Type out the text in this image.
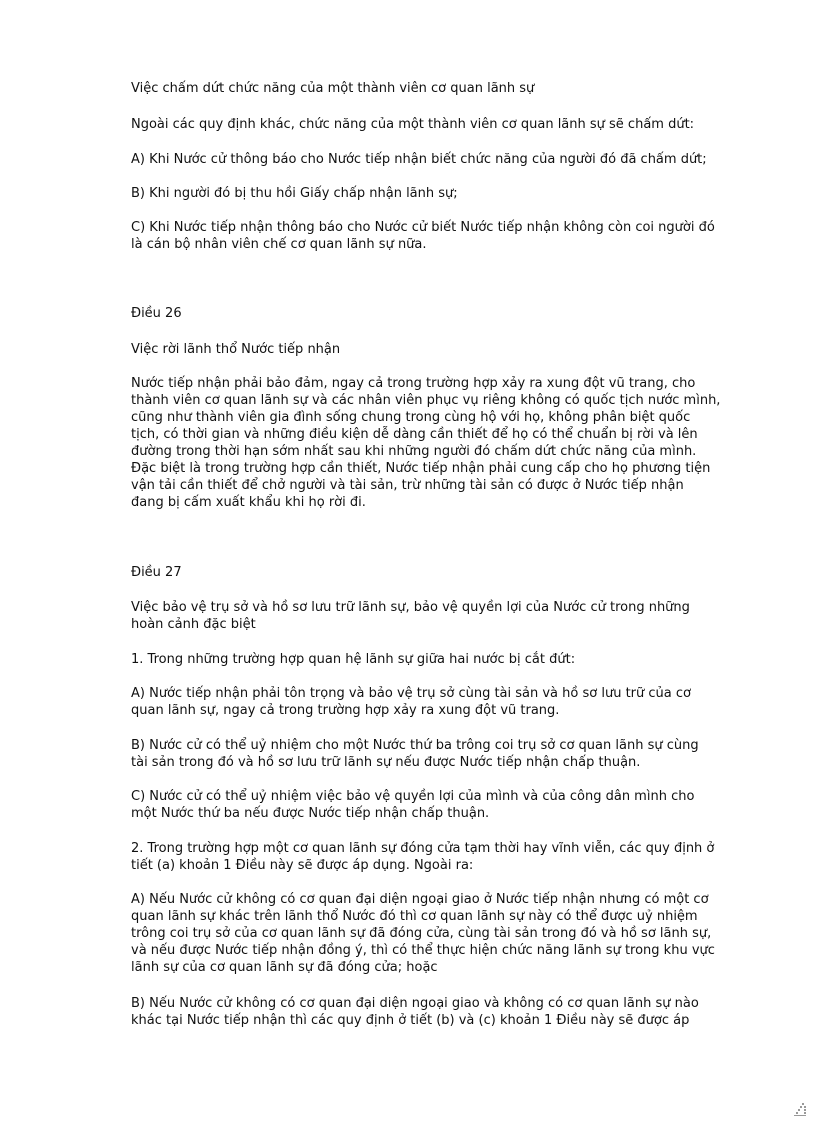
Việc chấm dứt chức năng của một thành viên cơ quan lãnh sự
Ngoài các quy định khác, chức năng của một thành viên cơ quan lãnh sự sẽ chấm dứt:
A) Khi Nước cử thông báo cho Nước tiếp nhận biết chức năng của người đó đã chấm dứt;
B) Khi người đó bị thu hồi Giấy chấp nhận lãnh sự;
C) Khi Nước tiếp nhận thông báo cho Nước cử biết Nước tiếp nhận không còn coi người đó
là cán bộ nhân viên chế cơ quan lãnh sự nữa.
Điều 26
Việc rời lãnh thổ Nước tiếp nhận
Nước tiếp nhận phải bảo đảm, ngay cả trong trường hợp xảy ra xung đột vũ trang, cho
thành viên cơ quan lãnh sự và các nhân viên phục vụ riêng không có quốc tịch nước mình,
cũng như thành viên gia đình sống chung trong cùng hộ với họ, không phân biệt quốc
tịch, có thời gian và những điều kiện dễ dàng cần thiết để họ có thể chuẩn bị rời và lên
đường trong thời hạn sớm nhất sau khi những người đó chấm dứt chức năng của mình.
Đặc biệt là trong trường hợp cần thiết, Nước tiếp nhận phải cung cấp cho họ phương tiện
vận tải cần thiết để chở người và tài sản, trừ những tài sản có được ở Nước tiếp nhận
đang bị cấm xuất khẩu khi họ rời đi.
Điều 27
Việc bảo vệ trụ sở và hồ sơ lưu trữ lãnh sự, bảo vệ quyền lợi của Nước cử trong những
hoàn cảnh đặc biệt
1. Trong những trường hợp quan hệ lãnh sự giữa hai nước bị cắt đứt:
A) Nước tiếp nhận phải tôn trọng và bảo vệ trụ sở cùng tài sản và hồ sơ lưu trữ của cơ
quan lãnh sự, ngay cả trong trường hợp xảy ra xung đột vũ trang.
B) Nước cử có thể uỷ nhiệm cho một Nước thứ ba trông coi trụ sở cơ quan lãnh sự cùng
tài sản trong đó và hồ sơ lưu trữ lãnh sự nếu được Nước tiếp nhận chấp thuận.
C) Nước cử có thể uỷ nhiệm việc bảo vệ quyền lợi của mình và của công dân mình cho
một Nước thứ ba nếu được Nước tiếp nhận chấp thuận.
2. Trong trường hợp một cơ quan lãnh sự đóng cửa tạm thời hay vĩnh viễn, các quy định ở
tiết (a) khoản 1 Điều này sẽ được áp dụng. Ngoài ra:
A) Nếu Nước cử không có cơ quan đại diện ngoại giao ở Nước tiếp nhận nhưng có một cơ
quan lãnh sự khác trên lãnh thổ Nước đó thì cơ quan lãnh sự này có thể được uỷ nhiệm
trông coi trụ sở của cơ quan lãnh sự đã đóng cửa, cùng tài sản trong đó và hồ sơ lãnh sự,
và nếu được Nước tiếp nhận đồng ý, thì có thể thực hiện chức năng lãnh sự trong khu vực
lãnh sự của cơ quan lãnh sự đã đóng cửa; hoặc
B) Nếu Nước cử không có cơ quan đại diện ngoại giao và không có cơ quan lãnh sự nào
khác tại Nước tiếp nhận thì các quy định ở tiết (b) và (c) khoản 1 Điều này sẽ được áp
